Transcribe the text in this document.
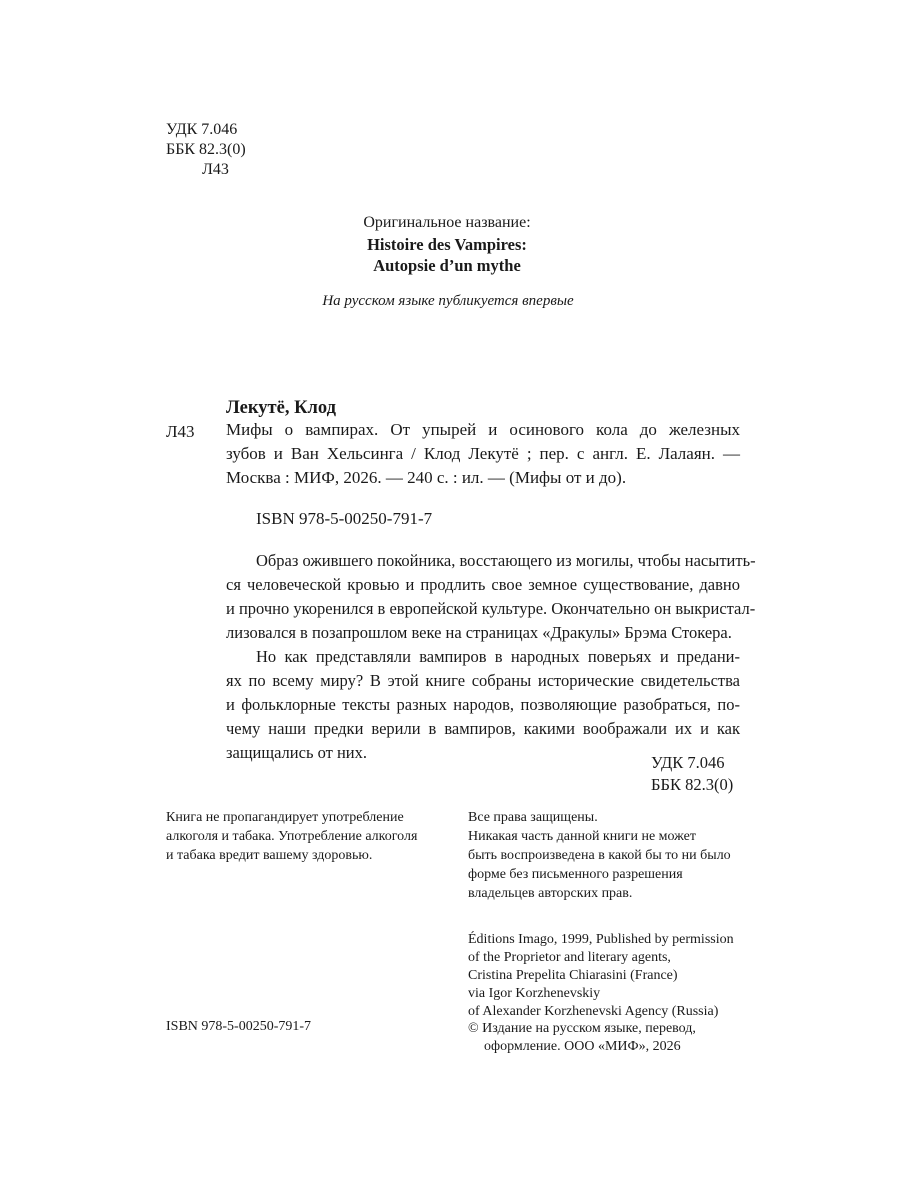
УДК 7.046
ББК 82.3(0)
Л43
Оригинальное название:
Histoire des Vampires:
Autopsie d’un mythe
На русском языке публикуется впервые
Лекутё, Клод
Л43 Мифы о вампирах. От упырей и осинового кола до железных
зубов и Ван Хельсинга / Клод Лекутё ; пер. с англ. Е. Лалаян. —
Москва : МИФ, 2026. — 240 с. : ил. — (Мифы от и до).
ISBN 978-5-00250-791-7
Образ ожившего покойника, восстающего из могилы, чтобы насытить-
ся человеческой кровью и продлить свое земное существование, давно
и прочно укоренился в европейской культуре. Окончательно он выкристал-
лизовался в позапрошлом веке на страницах «Дракулы» Брэма Стокера.
Но как представляли вампиров в народных поверьях и предани-
ях по всему миру? В этой книге собраны исторические свидетельства
и фольклорные тексты разных народов, позволяющие разобраться, по-
чему наши предки верили в вампиров, какими воображали их и как
защищались от них.
УДК 7.046
ББК 82.3(0)
Книга не пропагандирует употребление
алкоголя и табака. Употребление алкоголя
и табака вредит вашему здоровью.
Все права защищены.
Никакая часть данной книги не может
быть воспроизведена в какой бы то ни было
форме без письменного разрешения
владельцев авторских прав.
Éditions Imago, 1999, Published by permission
of the Proprietor and literary agents,
Cristina Prepelita Chiarasini (France)
via Igor Korzhenevskiy
of Alexander Korzhenevski Agency (Russia)
ISBN 978-5-00250-791-7	© Издание на русском языке, перевод,
оформление. ООО «МИФ», 2026
